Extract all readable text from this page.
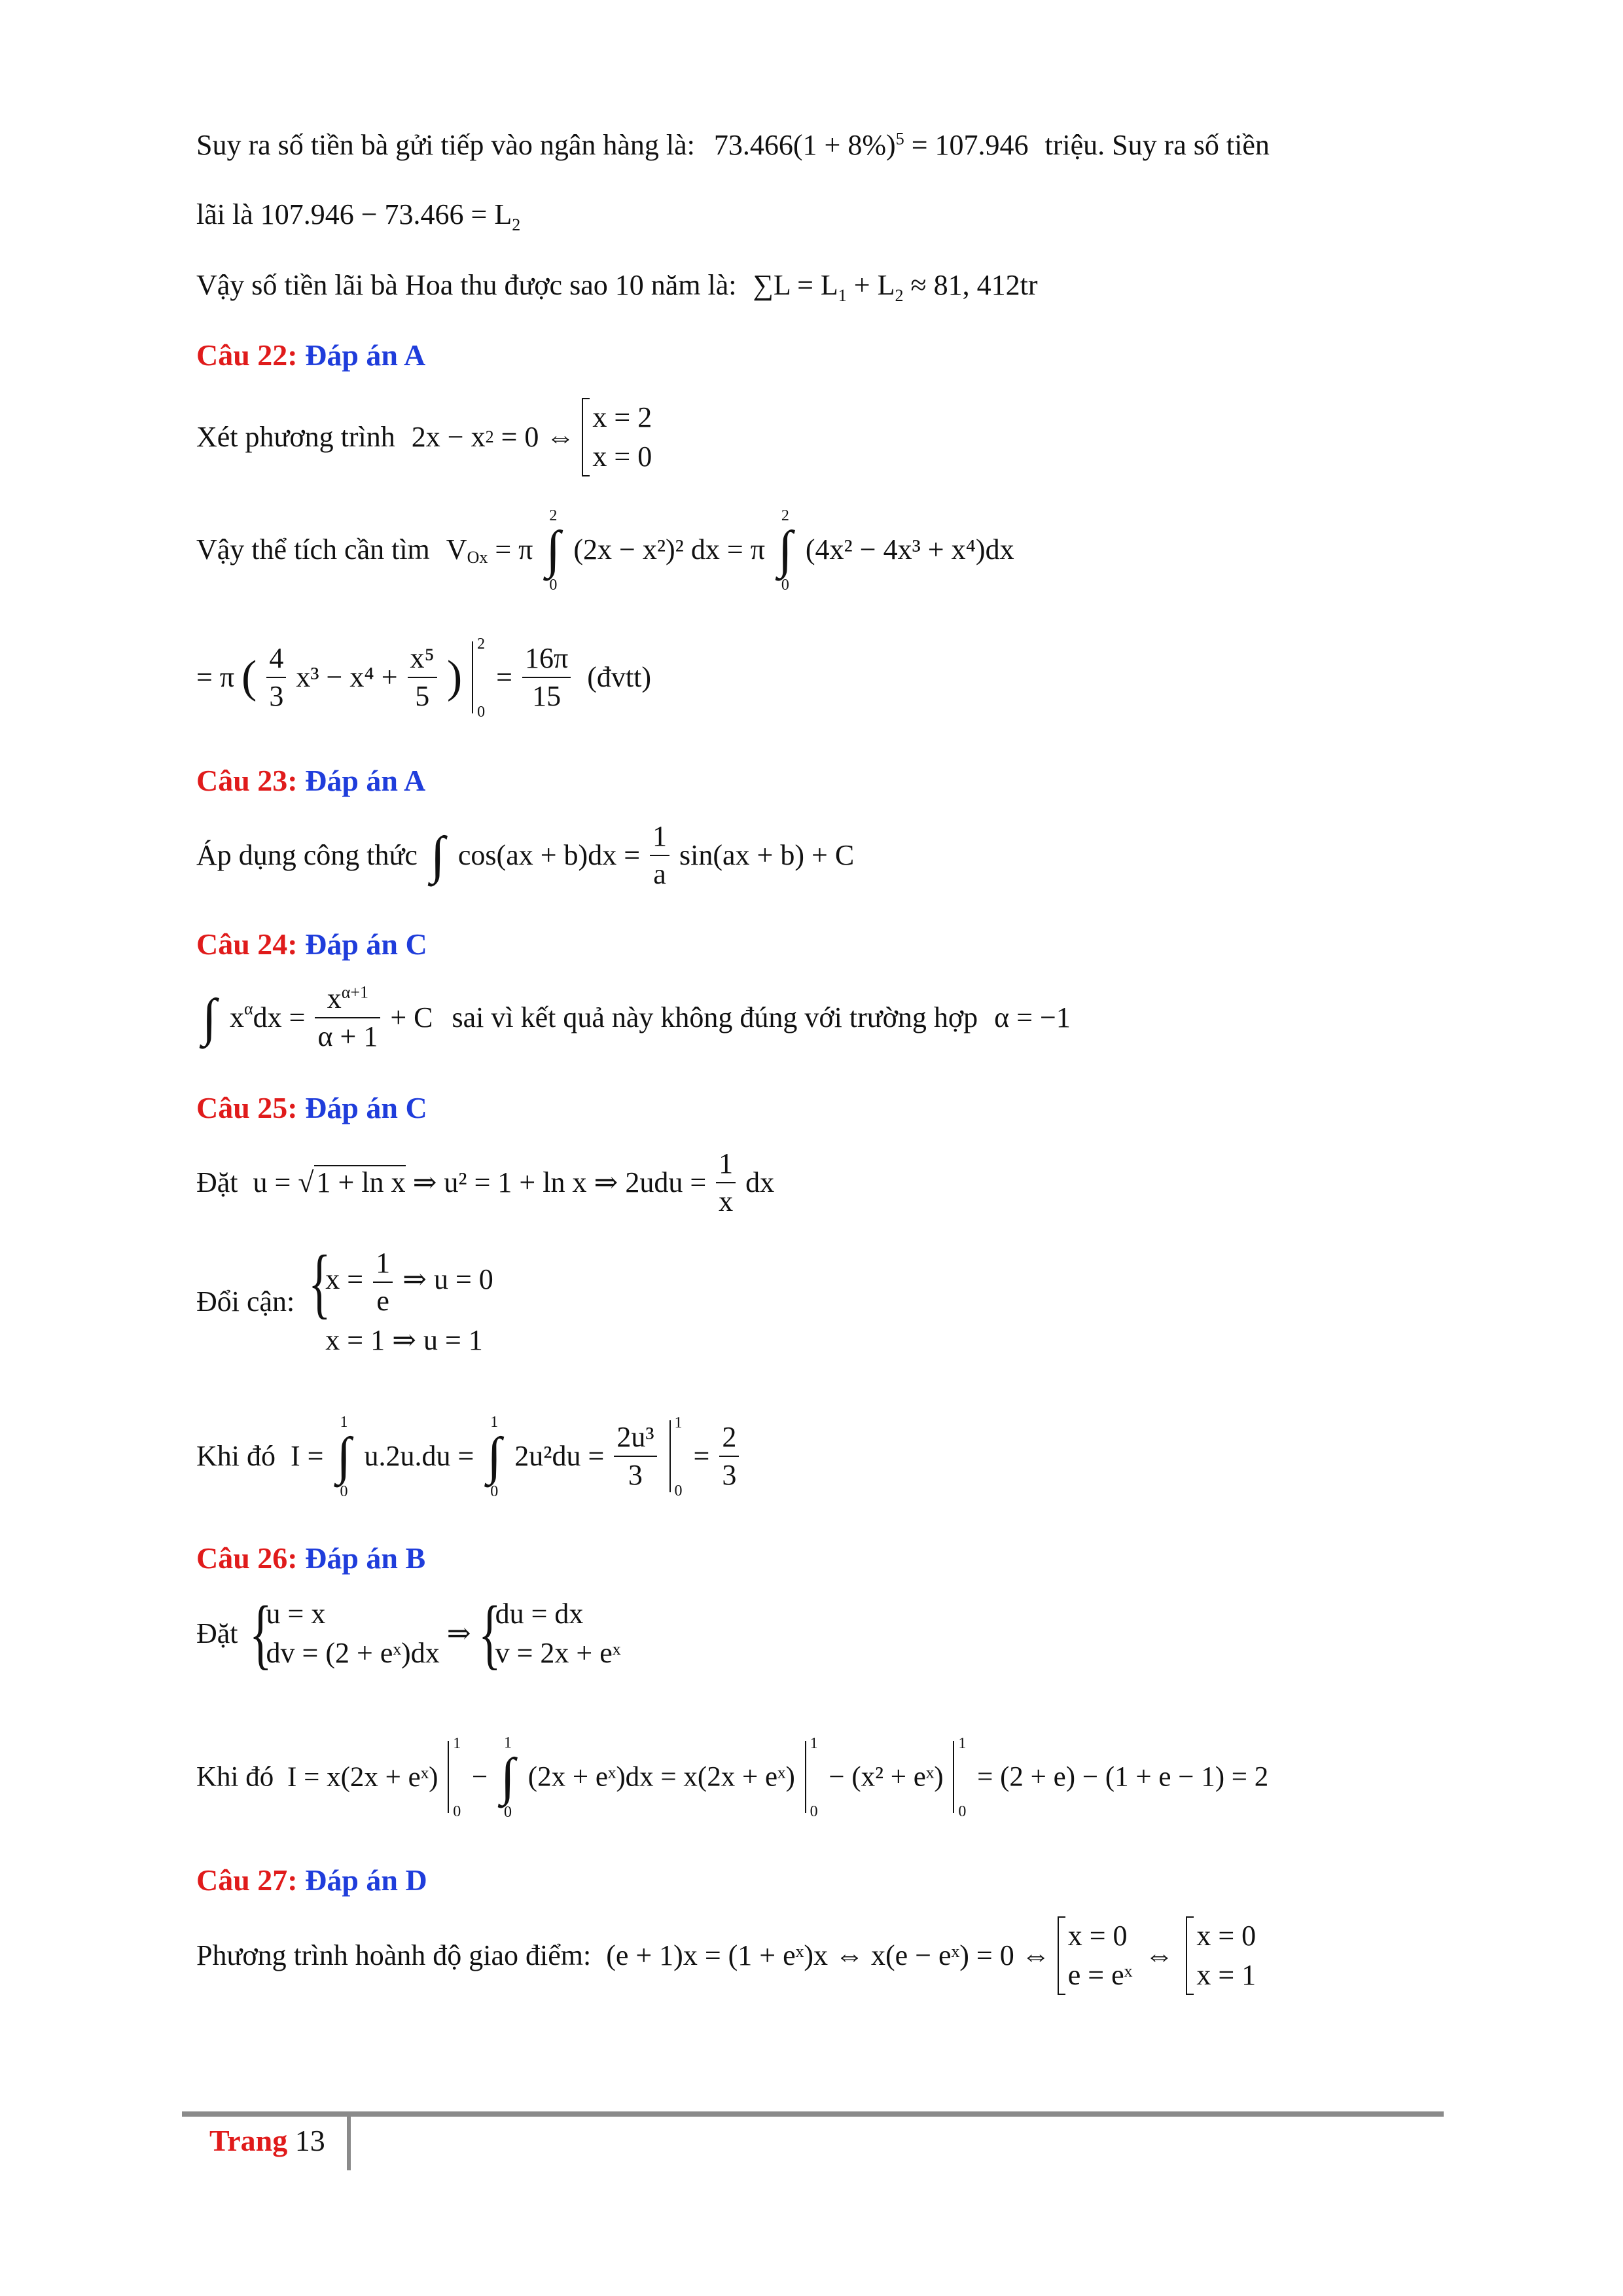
Suy ra số tiền bà gửi tiếp vào ngân hàng là: $73.466(1 + 8\%)^5 = 107.946$ triệu. Suy ra số tiền
lãi là $107.946 - 73.466 = L_2$
Vậy số tiền lãi bà Hoa thu được sao 10 năm là: $\sum L = L_1 + L_2 \approx 81$, 412tr
Câu 22: Đáp án A
Xét phương trình 2x − x2 = 0 ⇔
x = 2
x = 0
Vậy thể tích cần tìm $V_{Ox} = \pi$
2
∫
0
(2x − x²)² dx = π
2
∫
0
(4x² − 4x³ + x⁴)dx
= π ( $\frac{4}{3} x^3 - x^4 + \frac{\text{x⁵}}{5}$ )
2
0
= $\frac{16\pi}{15}$ (đvtt)
Câu 23: Đáp án A
Áp dụng công thức ∫ $\cos(ax + b)dx = \frac{1}{a} \sin(ax + b) + C$
Câu 24: Đáp án C
∫ $x^\alpha dx = \frac{x^{\alpha+1}}{\alpha + 1} + C$ sai vì kết quả này không đúng với trường hợp α = −1
Câu 25: Đáp án C
Đặt u = √1 + ln x ⇒ u² = 1 + ln x ⇒ $2udu = \frac{1}{x}$ dx
Đổi cận: {
$x = \frac{1}{e}$ ⇒ u = 0
x = 1 ⇒ u = 1
Khi đó I =
1
∫
0
u.2u.du =
1
∫
0
$2u^2du = \frac{\text{2u³}}{3}$
1
0
= $\frac{2}{3}$
Câu 26: Đáp án B
Đặt {
u = x
dv = (2 + eˣ)dx
⇒ {
du = dx
v = 2x + eˣ
Khi đó I = x(2x + eˣ)
1
0
−
1
∫
0
(2x + eˣ)dx = x(2x + eˣ)
1
0
− (x² + eˣ)
1
0
= (2 + e) − (1 + e − 1) = 2
Câu 27: Đáp án D
Phương trình hoành độ giao điểm: (e + 1)x = (1 + eˣ)x ⇔ x(e − eˣ) = 0 ⇔
x = 0
e = eˣ
⇔
x = 0
x = 1
Trang 13
